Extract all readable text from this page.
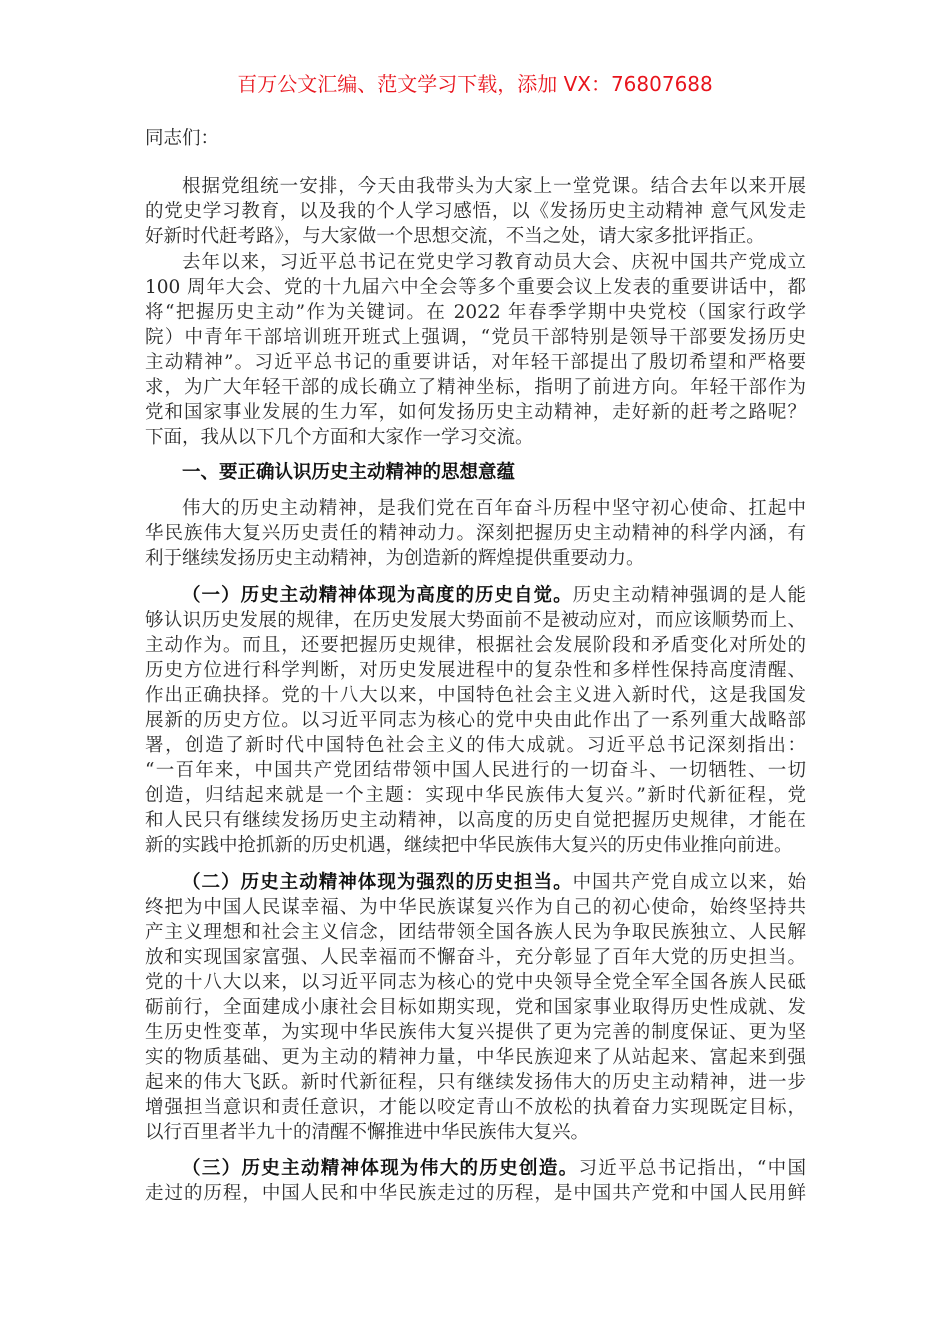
百万公文汇编、范文学习下载，添加 VX：76807688
同志们：
根据党组统一安排，今天由我带头为大家上一堂党课。结合去年以来开展
的党史学习教育，以及我的个人学习感悟，以《发扬历史主动精神 意气风发走
好新时代赶考路》，与大家做一个思想交流，不当之处，请大家多批评指正。
去年以来，习近平总书记在党史学习教育动员大会、庆祝中国共产党成立
100 周年大会、党的十九届六中全会等多个重要会议上发表的重要讲话中，都
将“把握历史主动”作为关键词。在 2022 年春季学期中央党校（国家行政学
院）中青年干部培训班开班式上强调，“党员干部特别是领导干部要发扬历史
主动精神”。习近平总书记的重要讲话，对年轻干部提出了殷切希望和严格要
求，为广大年轻干部的成长确立了精神坐标，指明了前进方向。年轻干部作为
党和国家事业发展的生力军，如何发扬历史主动精神，走好新的赶考之路呢？
下面，我从以下几个方面和大家作一学习交流。
一、要正确认识历史主动精神的思想意蕴
伟大的历史主动精神，是我们党在百年奋斗历程中坚守初心使命、扛起中
华民族伟大复兴历史责任的精神动力。深刻把握历史主动精神的科学内涵，有
利于继续发扬历史主动精神，为创造新的辉煌提供重要动力。
（一）历史主动精神体现为高度的历史自觉。历史主动精神强调的是人能
够认识历史发展的规律，在历史发展大势面前不是被动应对，而应该顺势而上、
主动作为。而且，还要把握历史规律，根据社会发展阶段和矛盾变化对所处的
历史方位进行科学判断，对历史发展进程中的复杂性和多样性保持高度清醒、
作出正确抉择。党的十八大以来，中国特色社会主义进入新时代，这是我国发
展新的历史方位。以习近平同志为核心的党中央由此作出了一系列重大战略部
署，创造了新时代中国特色社会主义的伟大成就。习近平总书记深刻指出：
“一百年来，中国共产党团结带领中国人民进行的一切奋斗、一切牺牲、一切
创造，归结起来就是一个主题：实现中华民族伟大复兴。”新时代新征程，党
和人民只有继续发扬历史主动精神，以高度的历史自觉把握历史规律，才能在
新的实践中抢抓新的历史机遇，继续把中华民族伟大复兴的历史伟业推向前进。
（二）历史主动精神体现为强烈的历史担当。中国共产党自成立以来，始
终把为中国人民谋幸福、为中华民族谋复兴作为自己的初心使命，始终坚持共
产主义理想和社会主义信念，团结带领全国各族人民为争取民族独立、人民解
放和实现国家富强、人民幸福而不懈奋斗，充分彰显了百年大党的历史担当。
党的十八大以来，以习近平同志为核心的党中央领导全党全军全国各族人民砥
砺前行，全面建成小康社会目标如期实现，党和国家事业取得历史性成就、发
生历史性变革，为实现中华民族伟大复兴提供了更为完善的制度保证、更为坚
实的物质基础、更为主动的精神力量，中华民族迎来了从站起来、富起来到强
起来的伟大飞跃。新时代新征程，只有继续发扬伟大的历史主动精神，进一步
增强担当意识和责任意识，才能以咬定青山不放松的执着奋力实现既定目标，
以行百里者半九十的清醒不懈推进中华民族伟大复兴。
（三）历史主动精神体现为伟大的历史创造。习近平总书记指出，“中国
走过的历程，中国人民和中华民族走过的历程，是中国共产党和中国人民用鲜
